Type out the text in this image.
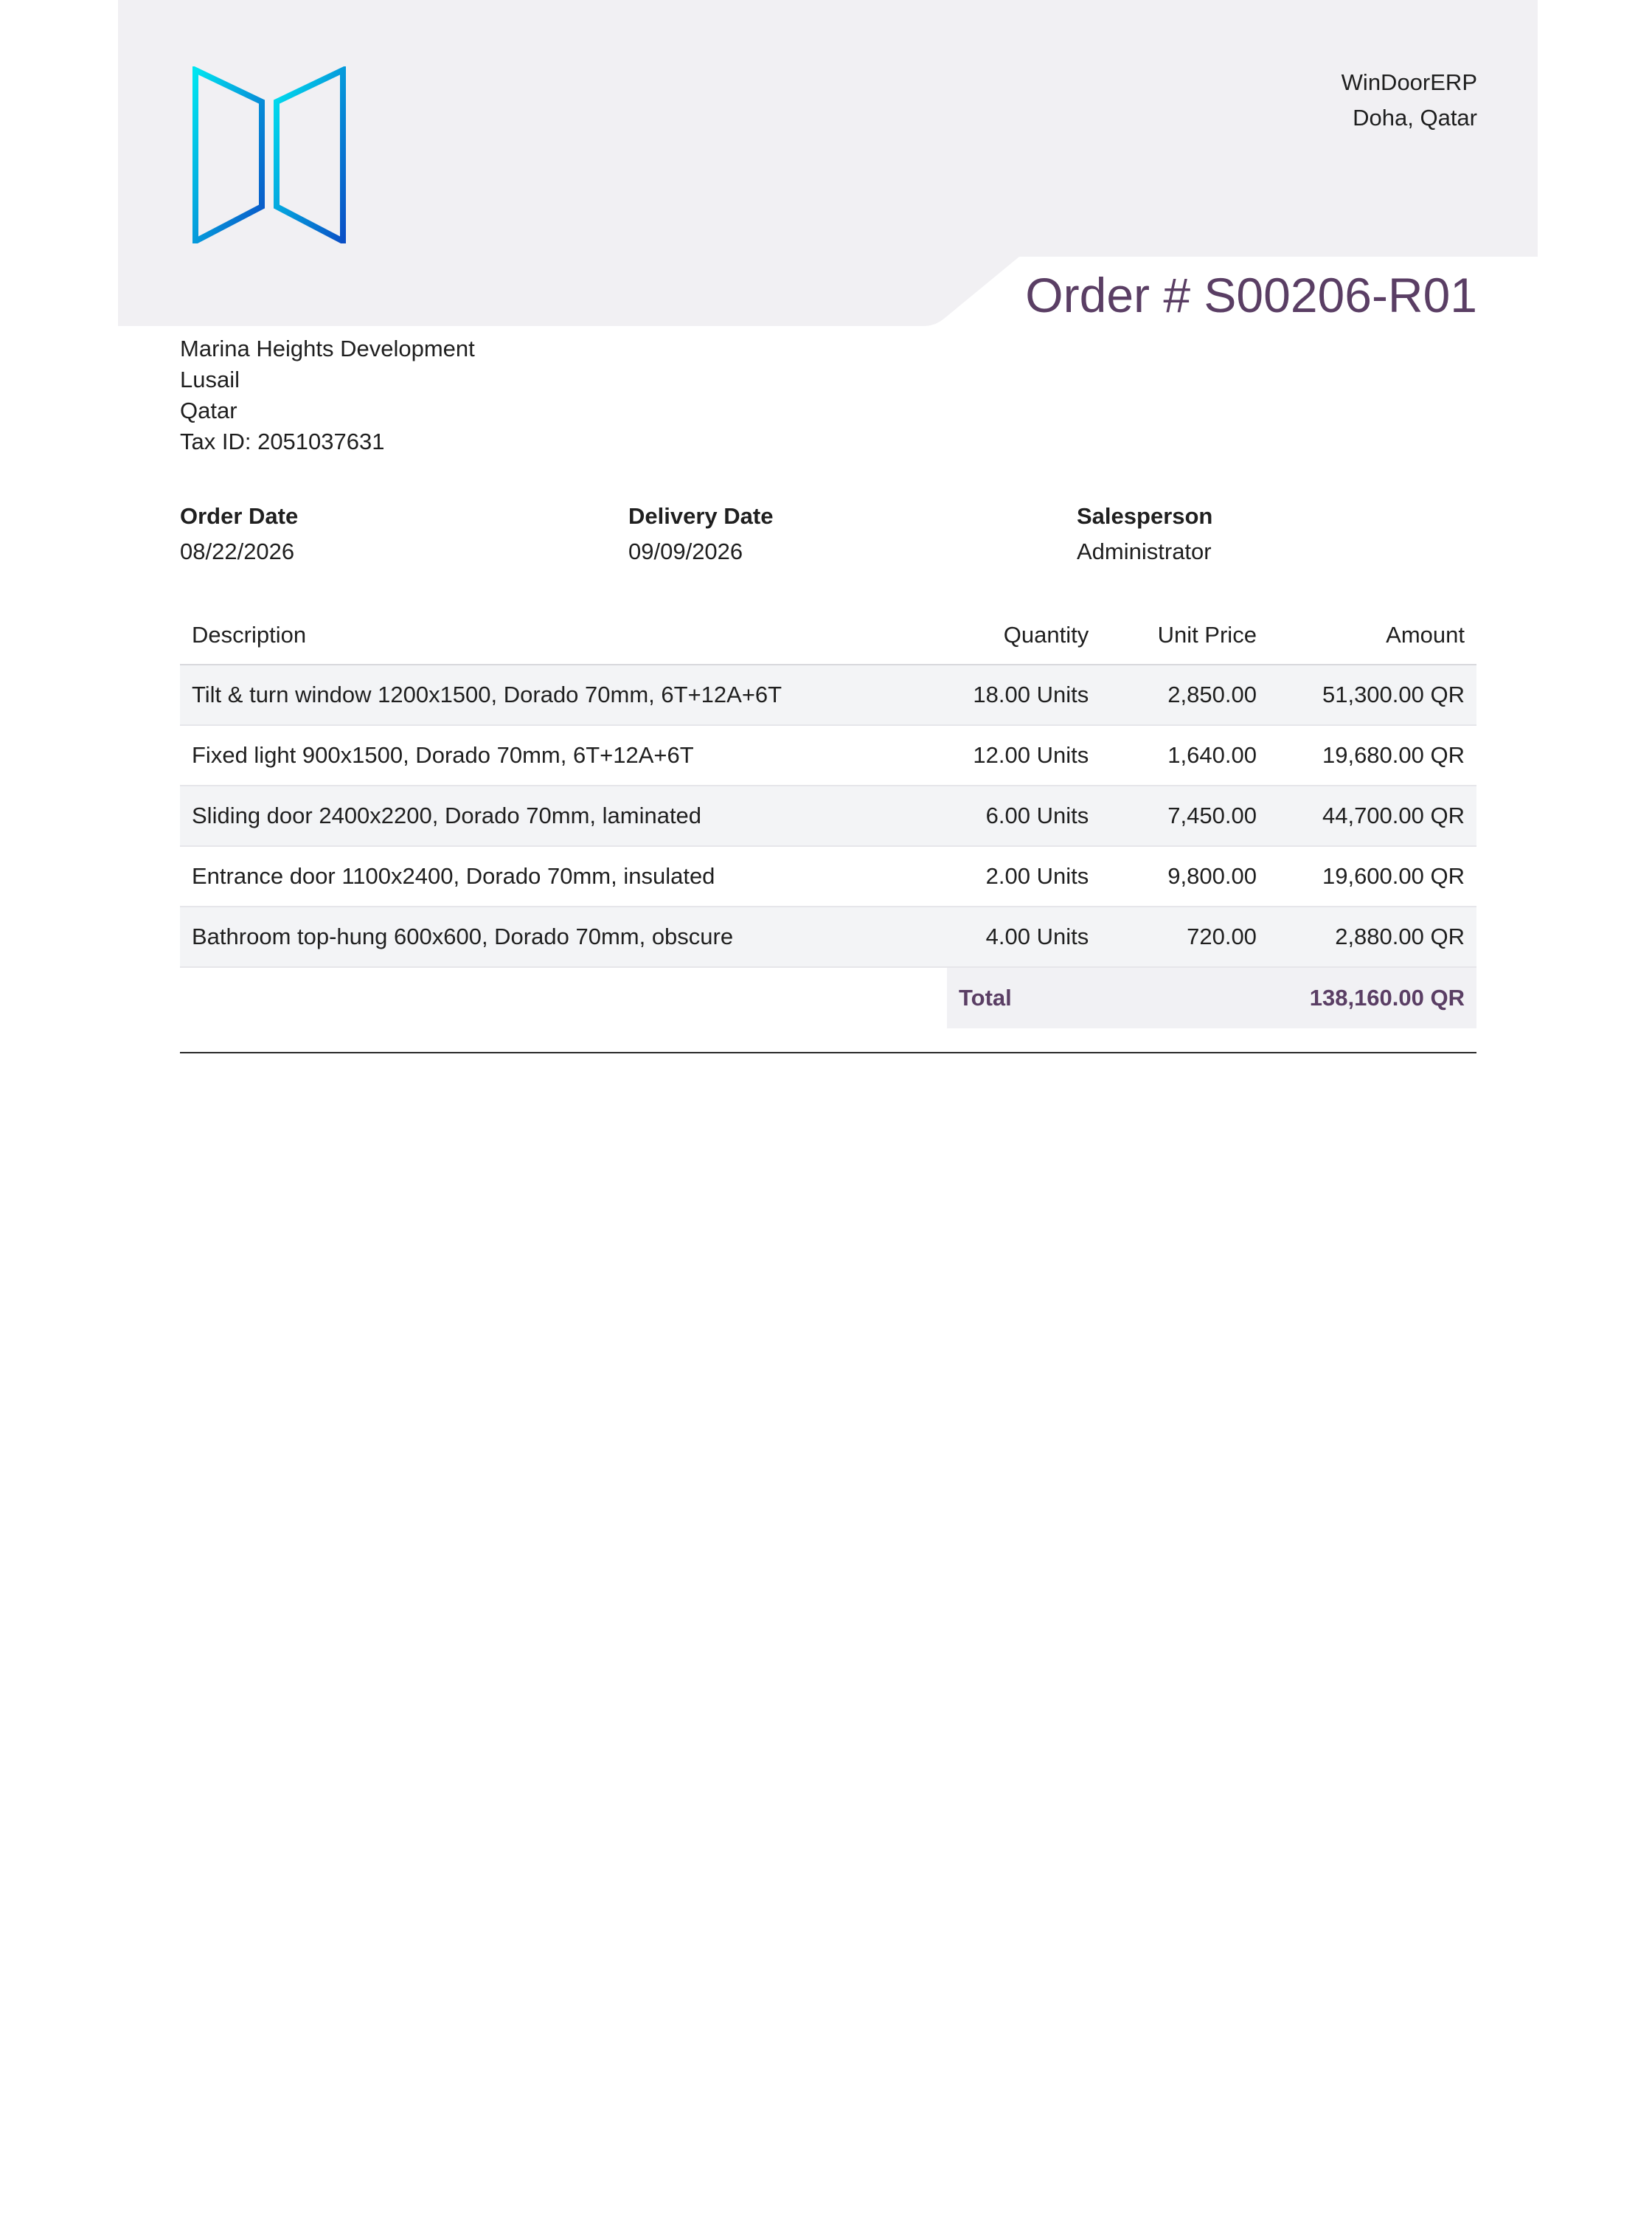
WinDoorERP
Doha, Qatar
Order # S00206-R01
Marina Heights Development
Lusail
Qatar
Tax ID: 2051037631
Order Date
08/22/2026
Delivery Date
09/09/2026
Salesperson
Administrator
Description	Quantity	Unit Price	Amount
Tilt & turn window 1200x1500, Dorado 70mm, 6T+12A+6T	18.00 Units	2,850.00	51,300.00 QR
Fixed light 900x1500, Dorado 70mm, 6T+12A+6T	12.00 Units	1,640.00	19,680.00 QR
Sliding door 2400x2200, Dorado 70mm, laminated	6.00 Units	7,450.00	44,700.00 QR
Entrance door 1100x2400, Dorado 70mm, insulated	2.00 Units	9,800.00	19,600.00 QR
Bathroom top-hung 600x600, Dorado 70mm, obscure	4.00 Units	720.00	2,880.00 QR
Total	138,160.00 QR
